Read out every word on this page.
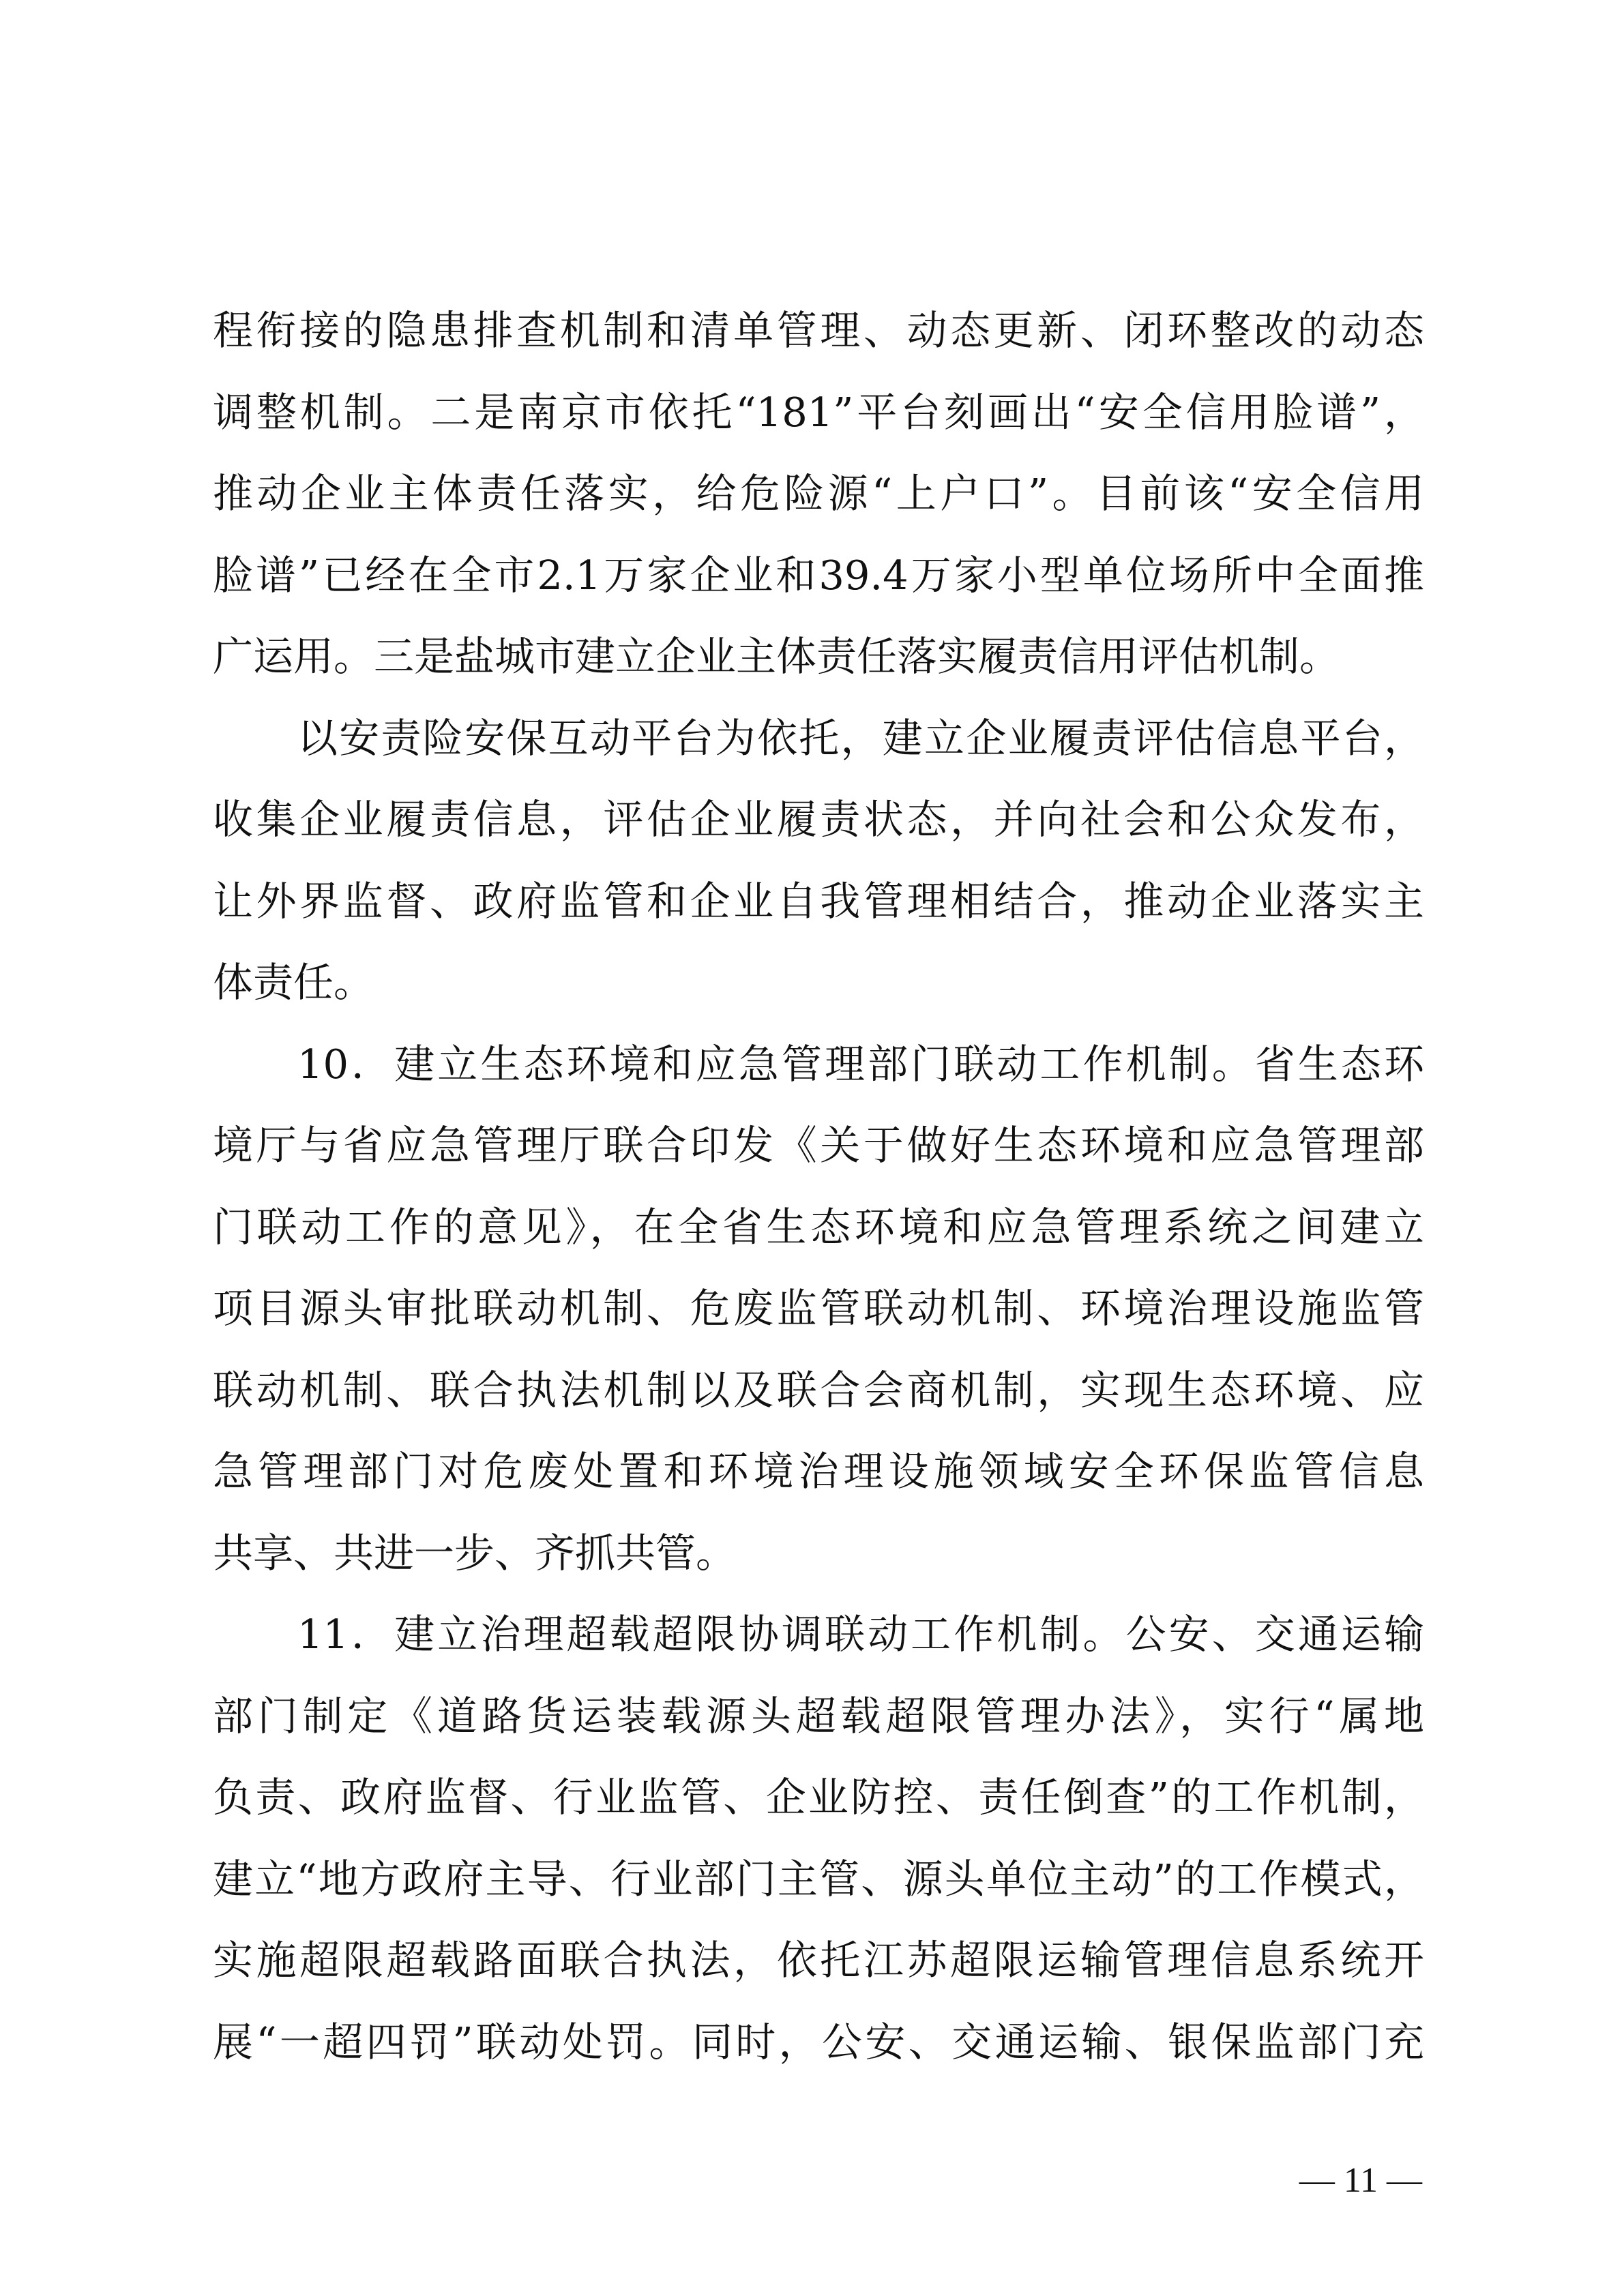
程衔接的隐患排查机制和清单管理、动态更新、闭环整改的动态
调整机制。二是南京市依托“181”平台刻画出“安全信用脸谱”，
推动企业主体责任落实，给危险源“上户口”。目前该“安全信用
脸谱”已经在全市2.1万家企业和39.4万家小型单位场所中全面推
广运用。三是盐城市建立企业主体责任落实履责信用评估机制。
以安责险安保互动平台为依托，建立企业履责评估信息平台，
收集企业履责信息，评估企业履责状态，并向社会和公众发布，
让外界监督、政府监管和企业自我管理相结合，推动企业落实主
体责任。
10．建立生态环境和应急管理部门联动工作机制。省生态环
境厅与省应急管理厅联合印发《关于做好生态环境和应急管理部
门联动工作的意见》，在全省生态环境和应急管理系统之间建立
项目源头审批联动机制、危废监管联动机制、环境治理设施监管
联动机制、联合执法机制以及联合会商机制，实现生态环境、应
急管理部门对危废处置和环境治理设施领域安全环保监管信息
共享、共进一步、齐抓共管。
11．建立治理超载超限协调联动工作机制。公安、交通运输
部门制定《道路货运装载源头超载超限管理办法》，实行“属地
负责、政府监督、行业监管、企业防控、责任倒查”的工作机制，
建立“地方政府主导、行业部门主管、源头单位主动”的工作模式，
实施超限超载路面联合执法，依托江苏超限运输管理信息系统开
展“一超四罚”联动处罚。同时，公安、交通运输、银保监部门充
— 11 —
